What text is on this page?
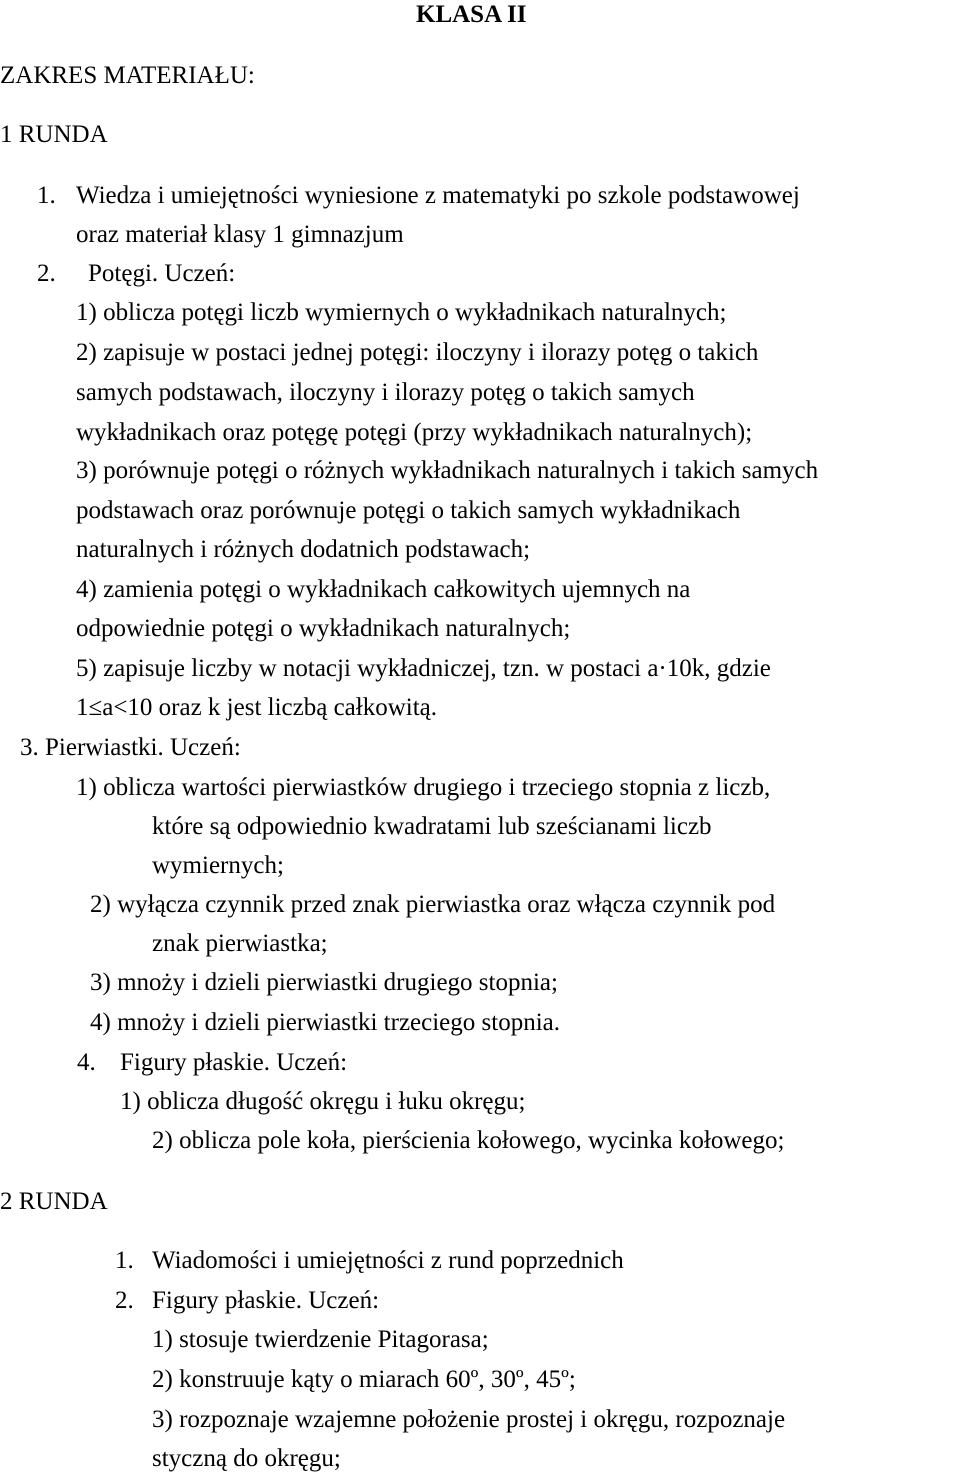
KLASA II
ZAKRES MATERIAŁU:
1 RUNDA
1. Wiedza i umiejętności wyniesione z matematyki po szkole podstawowej
oraz materiał klasy 1 gimnazjum
2. Potęgi. Uczeń:
1) oblicza potęgi liczb wymiernych o wykładnikach naturalnych;
2) zapisuje w postaci jednej potęgi: iloczyny i ilorazy potęg o takich
samych podstawach, iloczyny i ilorazy potęg o takich samych
wykładnikach oraz potęgę potęgi (przy wykładnikach naturalnych);
3) porównuje potęgi o różnych wykładnikach naturalnych i takich samych
podstawach oraz porównuje potęgi o takich samych wykładnikach
naturalnych i różnych dodatnich podstawach;
4) zamienia potęgi o wykładnikach całkowitych ujemnych na
odpowiednie potęgi o wykładnikach naturalnych;
5) zapisuje liczby w notacji wykładniczej, tzn. w postaci a·10k, gdzie
1≤a<10 oraz k jest liczbą całkowitą.
3. Pierwiastki. Uczeń:
1) oblicza wartości pierwiastków drugiego i trzeciego stopnia z liczb,
które są odpowiednio kwadratami lub sześcianami liczb
wymiernych;
2) wyłącza czynnik przed znak pierwiastka oraz włącza czynnik pod
znak pierwiastka;
3) mnoży i dzieli pierwiastki drugiego stopnia;
4) mnoży i dzieli pierwiastki trzeciego stopnia.
4. Figury płaskie. Uczeń:
1) oblicza długość okręgu i łuku okręgu;
2) oblicza pole koła, pierścienia kołowego, wycinka kołowego;
2 RUNDA
1. Wiadomości i umiejętności z rund poprzednich
2. Figury płaskie. Uczeń:
1) stosuje twierdzenie Pitagorasa;
2) konstruuje kąty o miarach 60º, 30º, 45º;
3) rozpoznaje wzajemne położenie prostej i okręgu, rozpoznaje
styczną do okręgu;
